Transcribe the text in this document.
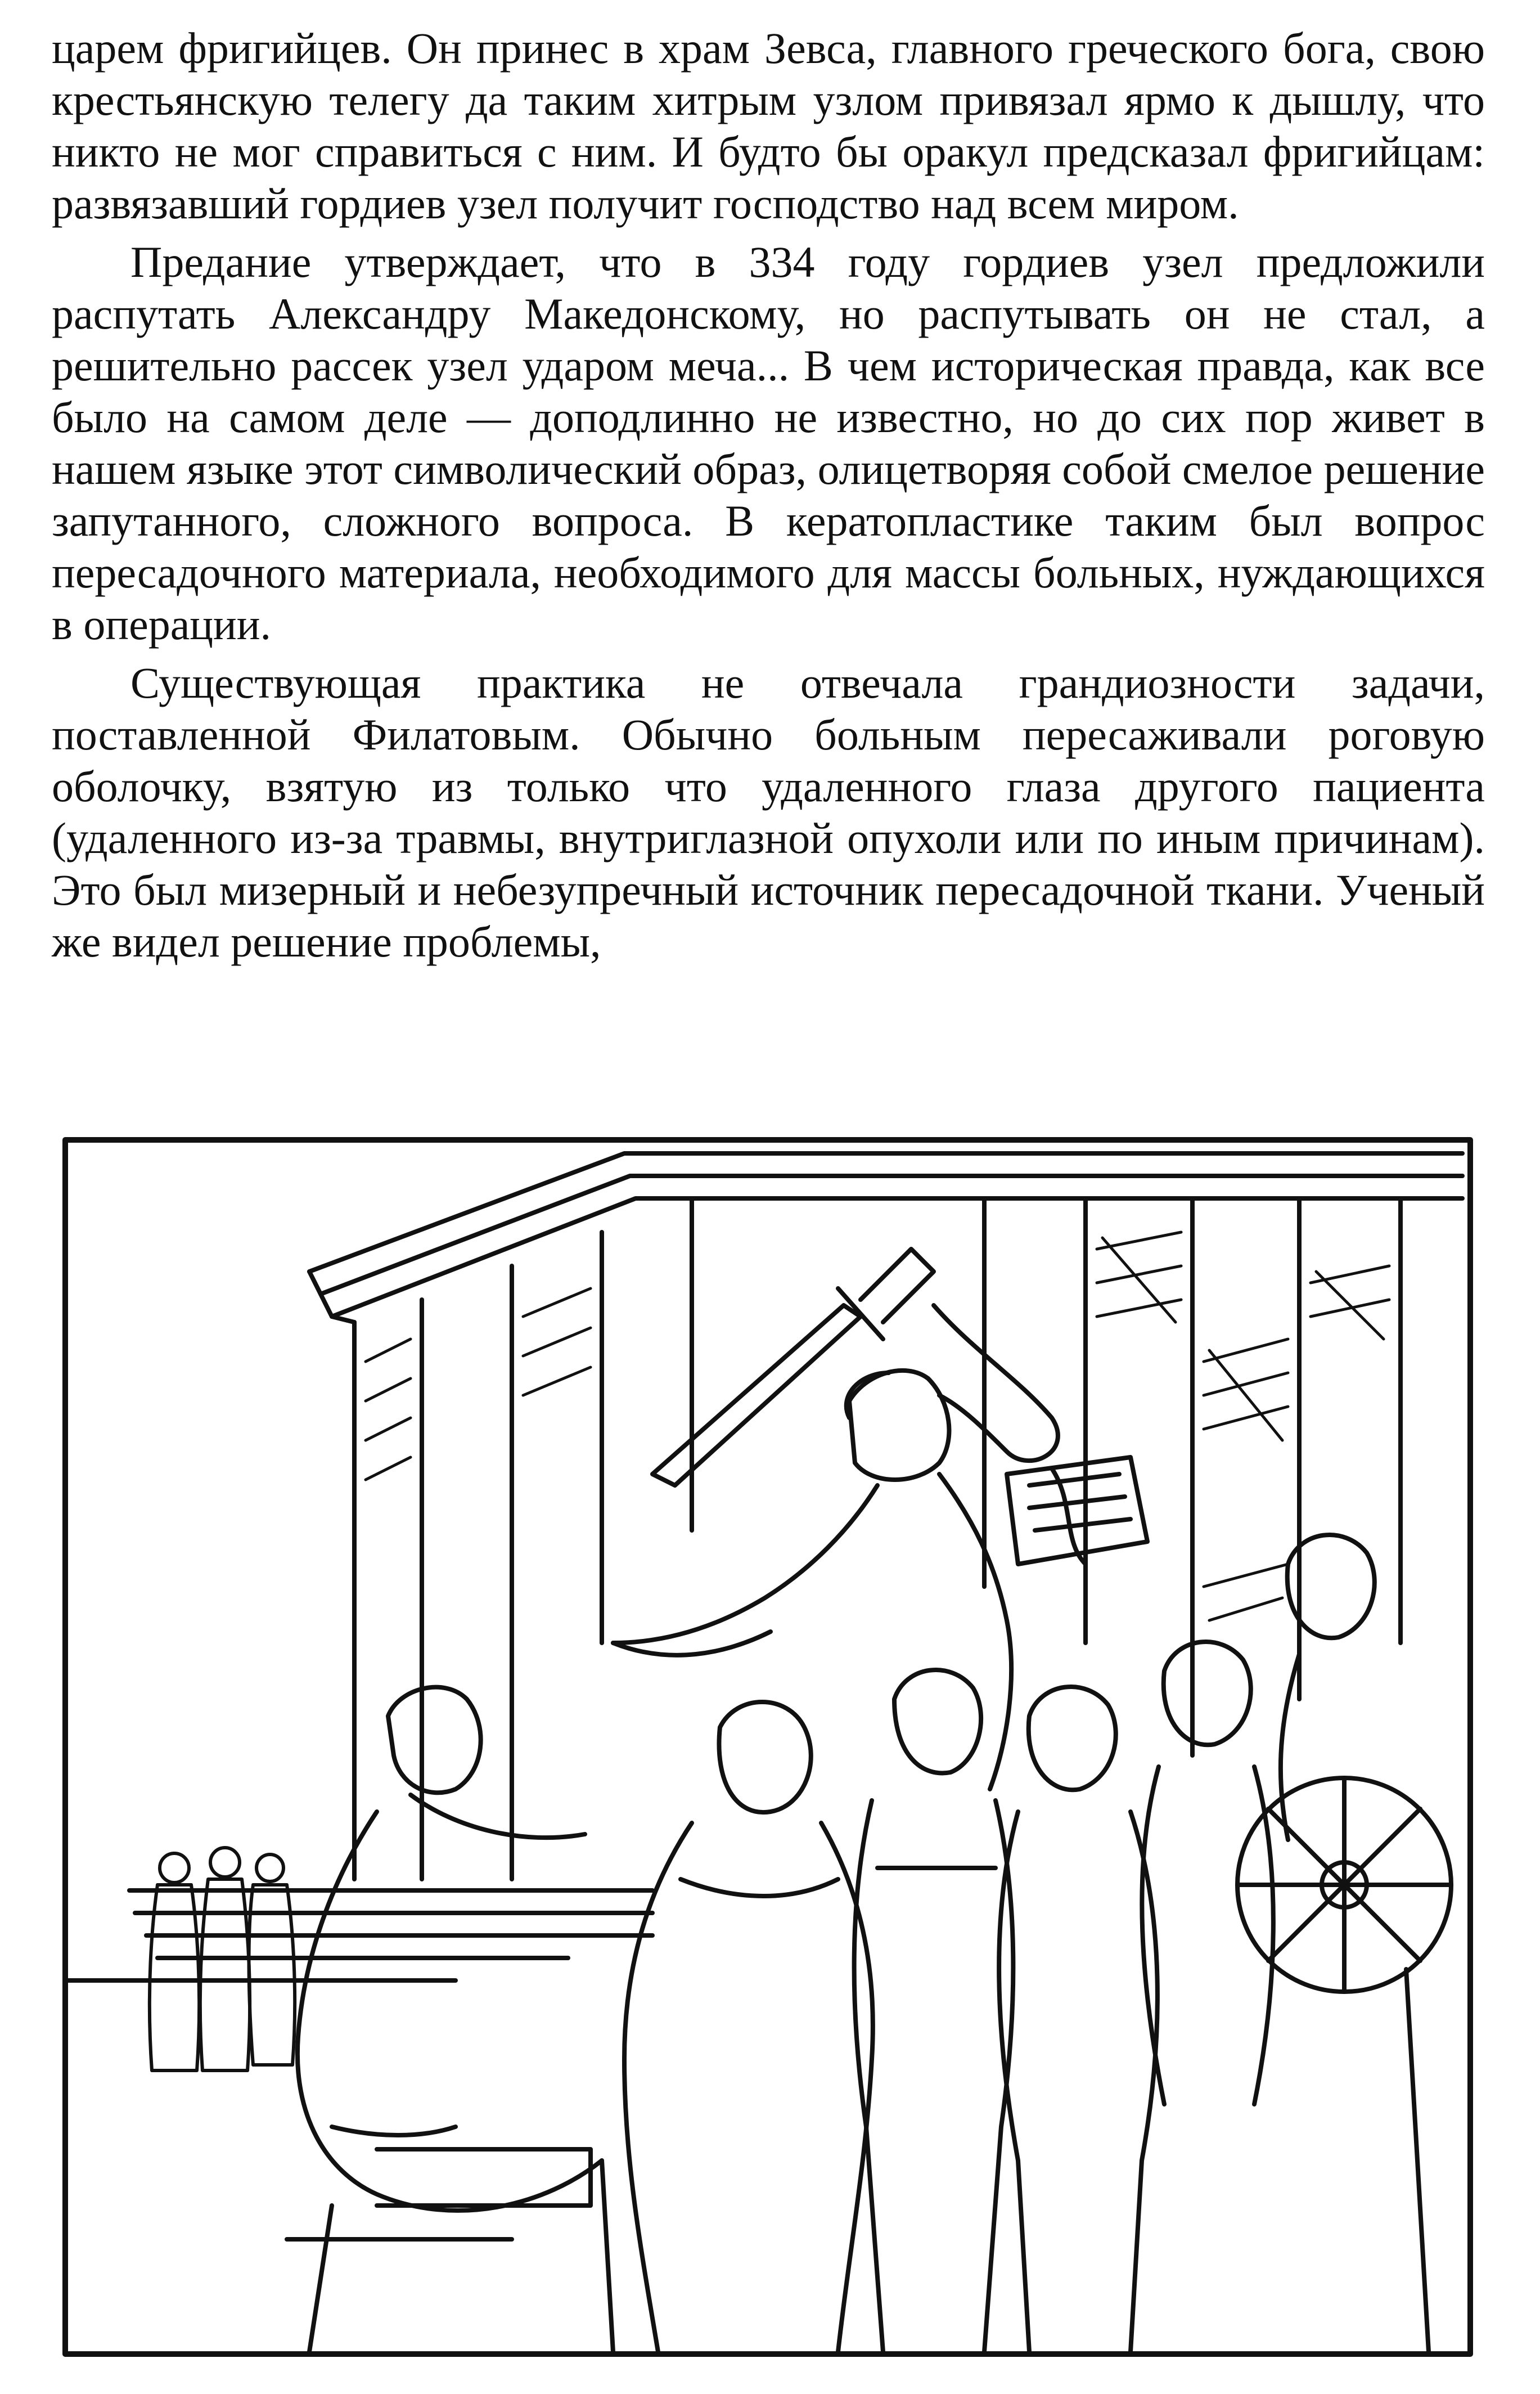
царем фригийцев. Он принес в храм Зевса, главного греческого бога, свою крестьянскую телегу да таким хитрым узлом привязал ярмо к дышлу, что никто не мог справиться с ним. И будто бы оракул предсказал фригийцам: развязавший гордиев узел получит господство над всем миром.

Предание утверждает, что в 334 году гордиев узел предложили распутать Александру Македонскому, но распутывать он не стал, а решительно рассек узел ударом меча... В чем историческая правда, как все было на самом деле — доподлинно не известно, но до сих пор живет в нашем языке этот символический образ, олицетворяя собой смелое решение запутанного, сложного вопроса. В кератопластике таким был вопрос пересадочного материала, необходимого для массы больных, нуждающихся в операции.

Существующая практика не отвечала грандиозности задачи, поставленной Филатовым. Обычно больным пересаживали роговую оболочку, взятую из только что удаленного глаза другого пациента (удаленного из-за травмы, внутриглазной опухоли или по иным причинам). Это был мизерный и небезупречный источник пересадочной ткани. Ученый же видел решение проблемы,
